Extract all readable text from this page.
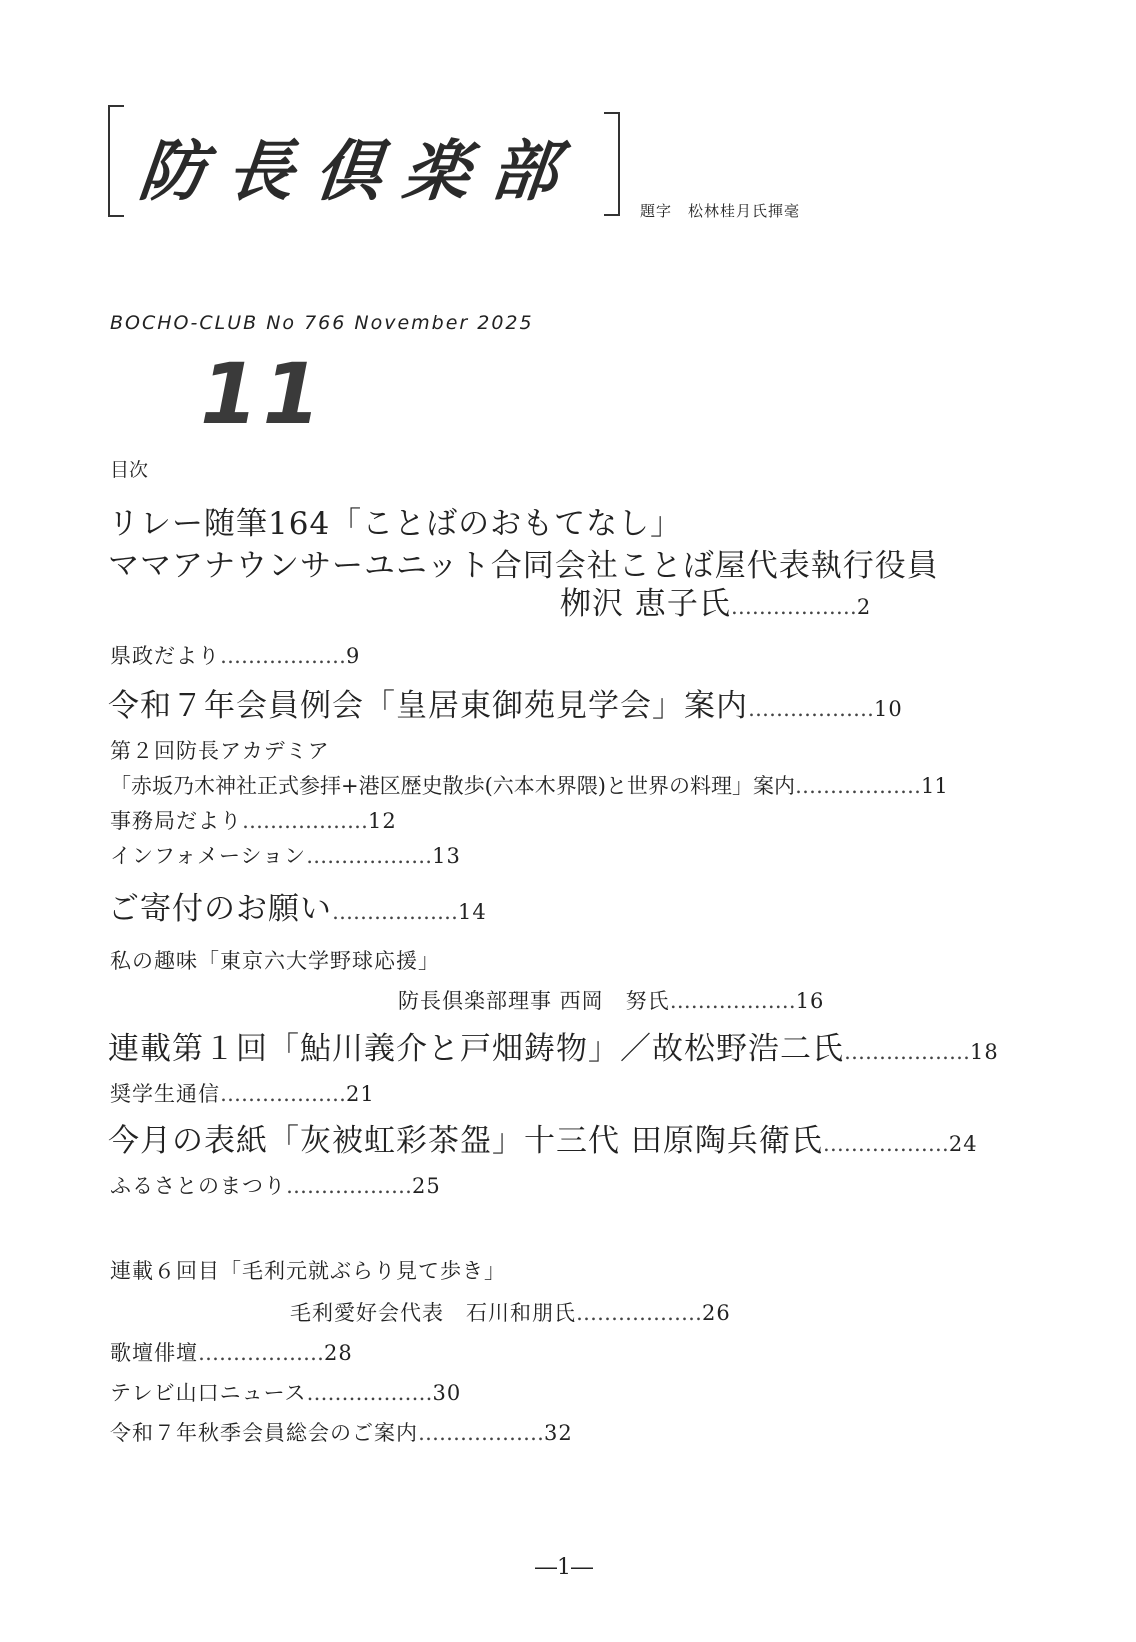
防長倶楽部
題字　松林桂月氏揮毫
BOCHO-CLUB No 766 November 2025
11
目次
リレー随筆164「ことばのおもてなし」
ママアナウンサーユニット合同会社ことば屋代表執行役員
栁沢 恵子氏………………2
県政だより………………9
令和７年会員例会「皇居東御苑見学会」案内………………10
第２回防長アカデミア
「赤坂乃木神社正式参拝+港区歴史散歩(六本木界隈)と世界の料理」案内………………11
事務局だより………………12
インフォメーション………………13
ご寄付のお願い………………14
私の趣味「東京六大学野球応援」
防長倶楽部理事 西岡　努氏………………16
連載第１回「鮎川義介と戸畑鋳物」／故松野浩二氏………………18
奨学生通信………………21
今月の表紙「灰被虹彩茶盌」十三代 田原陶兵衛氏………………24
ふるさとのまつり………………25
連載６回目「毛利元就ぶらり見て歩き」
毛利愛好会代表　石川和朋氏………………26
歌壇俳壇………………28
テレビ山口ニュース………………30
令和７年秋季会員総会のご案内………………32
―1―
